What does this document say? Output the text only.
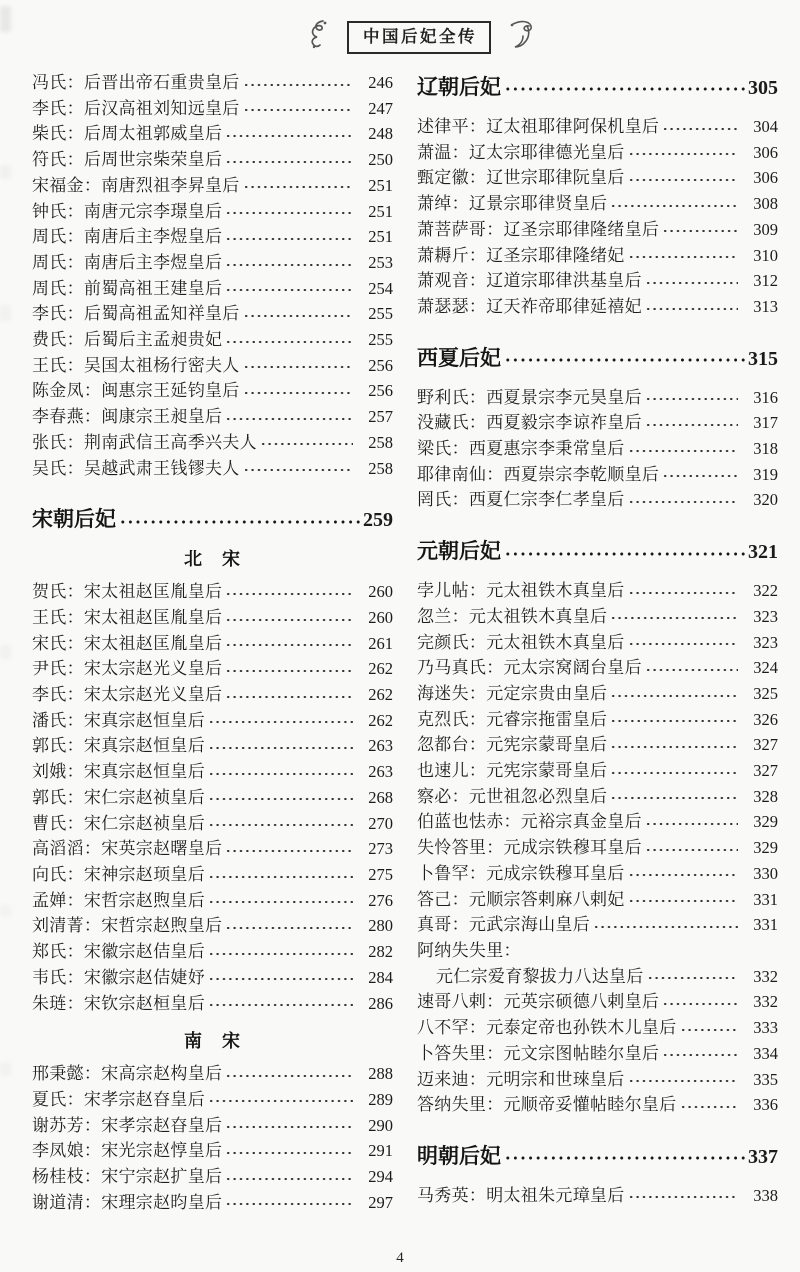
中国后妃全传
冯氏：后晋出帝石重贵皇后	246
李氏：后汉高祖刘知远皇后	247
柴氏：后周太祖郭威皇后	248
符氏：后周世宗柴荣皇后	250
宋福金：南唐烈祖李昇皇后	251
钟氏：南唐元宗李璟皇后	251
周氏：南唐后主李煜皇后	251
周氏：南唐后主李煜皇后	253
周氏：前蜀高祖王建皇后	254
李氏：后蜀高祖孟知祥皇后	255
费氏：后蜀后主孟昶贵妃	255
王氏：吴国太祖杨行密夫人	256
陈金凤：闽惠宗王延钧皇后	256
李春燕：闽康宗王昶皇后	257
张氏：荆南武信王高季兴夫人	258
吴氏：吴越武肃王钱镠夫人	258
宋朝后妃	259
北　宋
贺氏：宋太祖赵匡胤皇后	260
王氏：宋太祖赵匡胤皇后	260
宋氏：宋太祖赵匡胤皇后	261
尹氏：宋太宗赵光义皇后	262
李氏：宋太宗赵光义皇后	262
潘氏：宋真宗赵恒皇后	262
郭氏：宋真宗赵恒皇后	263
刘娥：宋真宗赵恒皇后	263
郭氏：宋仁宗赵祯皇后	268
曹氏：宋仁宗赵祯皇后	270
高滔滔：宋英宗赵曙皇后	273
向氏：宋神宗赵顼皇后	275
孟婵：宋哲宗赵煦皇后	276
刘清菁：宋哲宗赵煦皇后	280
郑氏：宋徽宗赵佶皇后	282
韦氏：宋徽宗赵佶婕妤	284
朱琏：宋钦宗赵桓皇后	286
南　宋
邢秉懿：宋高宗赵构皇后	288
夏氏：宋孝宗赵昚皇后	289
谢苏芳：宋孝宗赵昚皇后	290
李凤娘：宋光宗赵惇皇后	291
杨桂枝：宋宁宗赵扩皇后	294
谢道清：宋理宗赵昀皇后	297
辽朝后妃	305
述律平：辽太祖耶律阿保机皇后	304
萧温：辽太宗耶律德光皇后	306
甄定徽：辽世宗耶律阮皇后	306
萧绰：辽景宗耶律贤皇后	308
萧菩萨哥：辽圣宗耶律隆绪皇后	309
萧耨斤：辽圣宗耶律隆绪妃	310
萧观音：辽道宗耶律洪基皇后	312
萧瑟瑟：辽天祚帝耶律延禧妃	313
西夏后妃	315
野利氏：西夏景宗李元昊皇后	316
没藏氏：西夏毅宗李谅祚皇后	317
梁氏：西夏惠宗李秉常皇后	318
耶律南仙：西夏崇宗李乾顺皇后	319
罔氏：西夏仁宗李仁孝皇后	320
元朝后妃	321
孛儿帖：元太祖铁木真皇后	322
忽兰：元太祖铁木真皇后	323
完颜氏：元太祖铁木真皇后	323
乃马真氏：元太宗窝阔台皇后	324
海迷失：元定宗贵由皇后	325
克烈氏：元睿宗拖雷皇后	326
忽都台：元宪宗蒙哥皇后	327
也速儿：元宪宗蒙哥皇后	327
察必：元世祖忽必烈皇后	328
伯蓝也怯赤：元裕宗真金皇后	329
失怜答里：元成宗铁穆耳皇后	329
卜鲁罕：元成宗铁穆耳皇后	330
答己：元顺宗答剌麻八剌妃	331
真哥：元武宗海山皇后	331
阿纳失失里：
元仁宗爱育黎拔力八达皇后	332
速哥八剌：元英宗硕德八剌皇后	332
八不罕：元泰定帝也孙铁木儿皇后	333
卜答失里：元文宗图帖睦尔皇后	334
迈来迪：元明宗和世琜皇后	335
答纳失里：元顺帝妥懽帖睦尔皇后	336
明朝后妃	337
马秀英：明太祖朱元璋皇后	338
4
